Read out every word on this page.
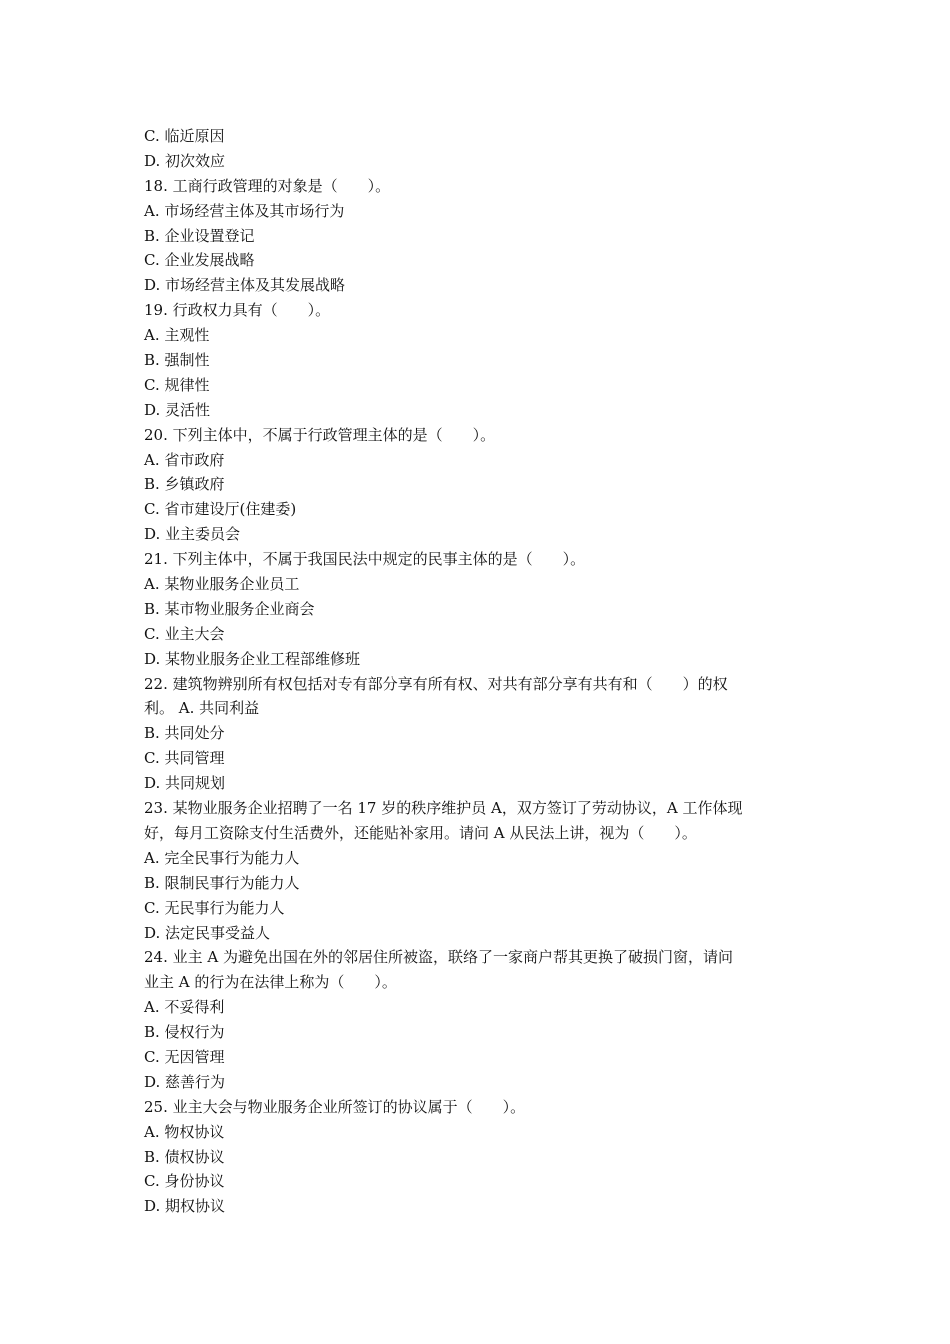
C. 临近原因
D. 初次效应
18. 工商行政管理的对象是（　　）。
A. 市场经营主体及其市场行为
B. 企业设置登记
C. 企业发展战略
D. 市场经营主体及其发展战略
19. 行政权力具有（　　）。
A. 主观性
B. 强制性
C. 规律性
D. 灵活性
20. 下列主体中，不属于行政管理主体的是（　　）。
A. 省市政府
B. 乡镇政府
C. 省市建设厅(住建委)
D. 业主委员会
21. 下列主体中，不属于我国民法中规定的民事主体的是（　　）。
A. 某物业服务企业员工
B. 某市物业服务企业商会
C. 业主大会
D. 某物业服务企业工程部维修班
22. 建筑物辨别所有权包括对专有部分享有所有权、对共有部分享有共有和（　　）的权
利。 A. 共同利益
B. 共同处分
C. 共同管理
D. 共同规划
23. 某物业服务企业招聘了一名 17 岁的秩序维护员 A，双方签订了劳动协议，A 工作体现
好，每月工资除支付生活费外，还能贴补家用。请问 A 从民法上讲，视为（　　）。
A. 完全民事行为能力人
B. 限制民事行为能力人
C. 无民事行为能力人
D. 法定民事受益人
24. 业主 A 为避免出国在外的邻居住所被盗，联络了一家商户帮其更换了破损门窗，请问
业主 A 的行为在法律上称为（　　）。
A. 不妥得利
B. 侵权行为
C. 无因管理
D. 慈善行为
25. 业主大会与物业服务企业所签订的协议属于（　　）。
A. 物权协议
B. 债权协议
C. 身份协议
D. 期权协议
